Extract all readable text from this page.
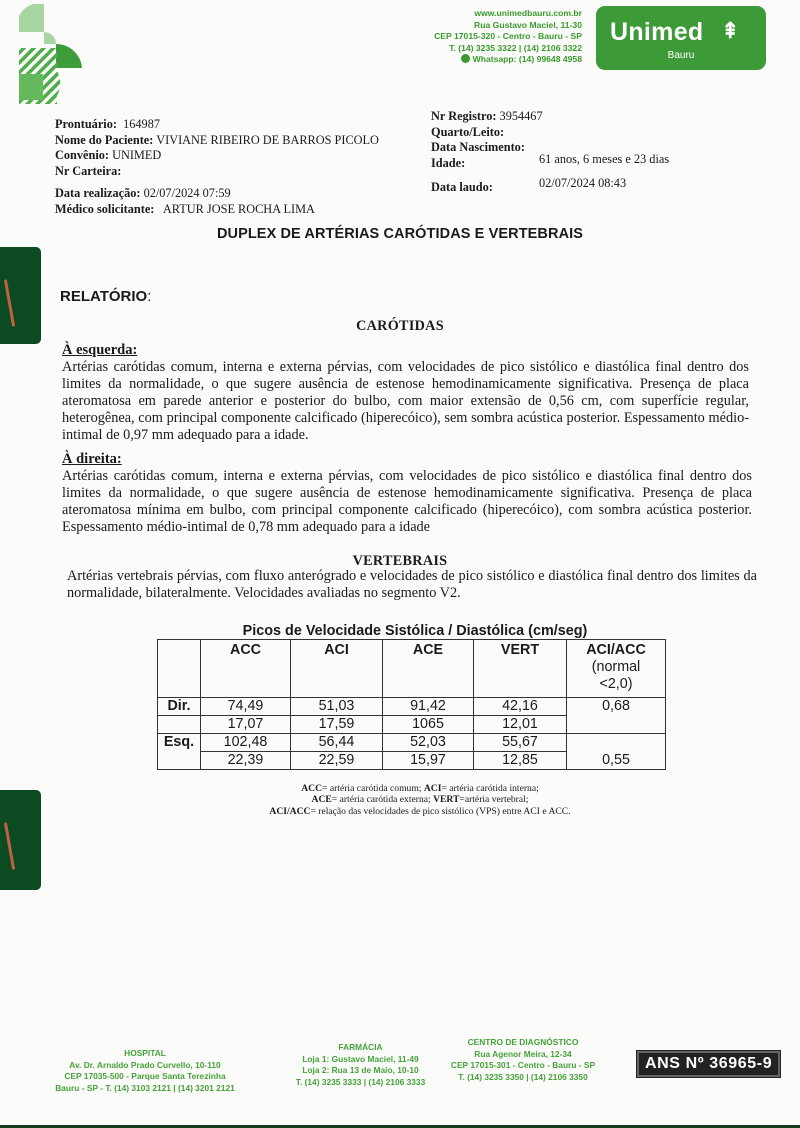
www.unimedbauru.com.br
Rua Gustavo Maciel, 11-30
CEP 17015-320 - Centro - Bauru - SP
T. (14) 3235 3322 | (14) 2106 3322
Whatsapp: (14) 99648 4958
Unimed ⇞
Bauru
Prontuário: 164987
Nome do Paciente: VIVIANE RIBEIRO DE BARROS PICOLO
Convênio: UNIMED
Nr Carteira:
Data realização: 02/07/2024 07:59
Médico solicitante: ARTUR JOSE ROCHA LIMA
Nr Registro: 3954467
Quarto/Leito:
Data Nascimento:
Idade:	61 anos, 6 meses e 23 dias
Data laudo:	02/07/2024 08:43
DUPLEX DE ARTÉRIAS CARÓTIDAS E VERTEBRAIS
RELATÓRIO:
CARÓTIDAS
À esquerda:
Artérias carótidas comum, interna e externa pérvias, com velocidades de pico sistólico e diastólica final dentro dos limites da normalidade, o que sugere ausência de estenose hemodinamicamente significativa. Presença de placa ateromatosa em parede anterior e posterior do bulbo, com maior extensão de 0,56 cm, com superfície regular, heterogênea, com principal componente calcificado (hiperecóico), sem sombra acústica posterior. Espessamento médio-intimal de 0,97 mm adequado para a idade.
À direita:
Artérias carótidas comum, interna e externa pérvias, com velocidades de pico sistólico e diastólica final dentro dos limites da normalidade, o que sugere ausência de estenose hemodinamicamente significativa. Presença de placa ateromatosa mínima em bulbo, com principal componente calcificado (hiperecóico), com sombra acústica posterior. Espessamento médio-intimal de 0,78 mm adequado para a idade
VERTEBRAIS
Artérias vertebrais pérvias, com fluxo anterógrado e velocidades de pico sistólico e diastólica final dentro dos limites da normalidade, bilateralmente. Velocidades avaliadas no segmento V2.
Picos de Velocidade Sistólica / Diastólica (cm/seg)
	ACC	ACI	ACE	VERT	ACI/ACC
(normal
<2,0)
Dir.	74,49	51,03	91,42	42,16	0,68
	17,07	17,59	1065	12,01	
Esq.	102,48	56,44	52,03	55,67	0,55
	22,39	22,59	15,97	12,85	
ACC= artéria carótida comum; ACI= artéria carótida interna;
ACE= artéria carótida externa; VERT=artéria vertebral;
ACI/ACC= relação das velocidades de pico sistólico (VPS) entre ACI e ACC.
HOSPITAL
Av. Dr. Arnaldo Prado Curvello, 10-110
CEP 17035-500 - Parque Santa Terezinha
Bauru - SP - T. (14) 3103 2121 | (14) 3201 2121
FARMÁCIA
Loja 1: Gustavo Maciel, 11-49
Loja 2: Rua 13 de Maio, 10-10
T. (14) 3235 3333 | (14) 2106 3333
CENTRO DE DIAGNÓSTICO
Rua Agenor Meira, 12-34
CEP 17015-301 - Centro - Bauru - SP
T. (14) 3235 3350 | (14) 2106 3350
ANS Nº 36965-9
